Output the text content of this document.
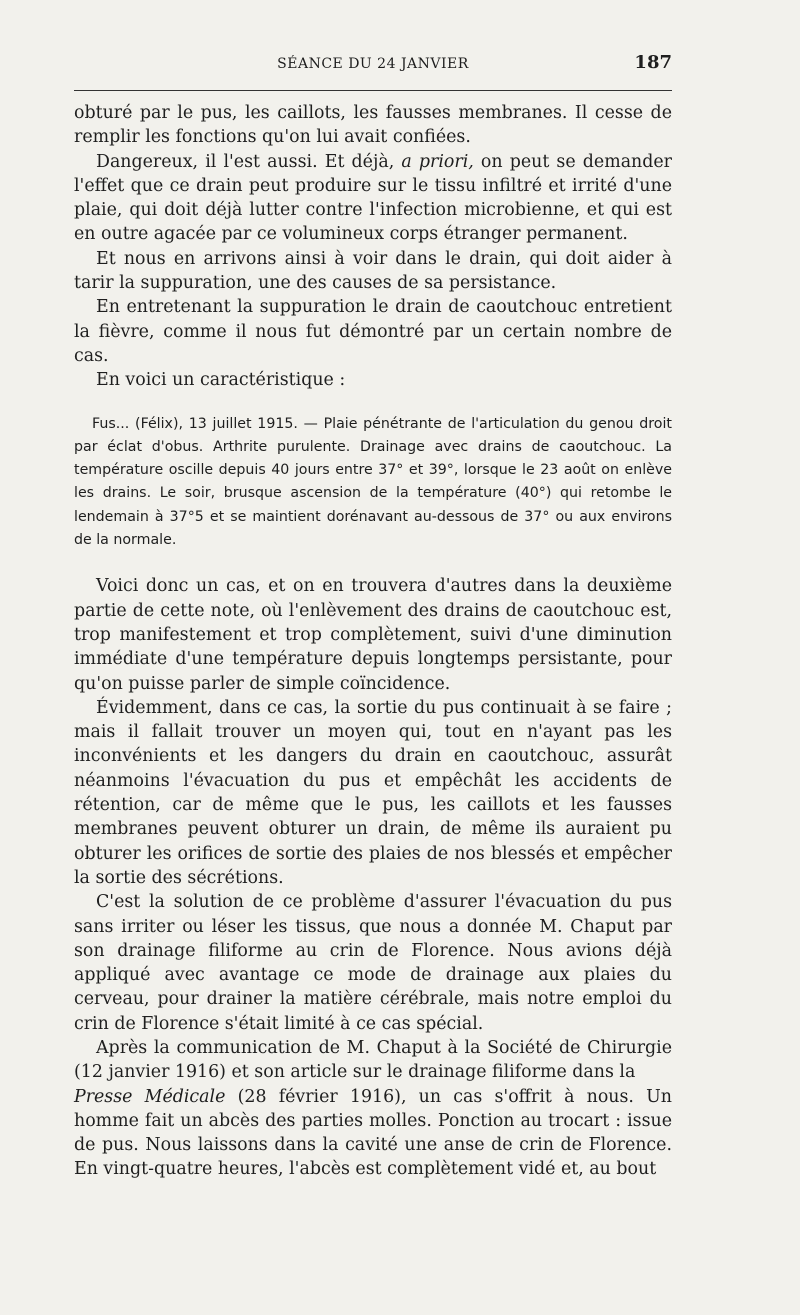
SÉANCE DU 24 JANVIER	187

obturé par le pus, les caillots, les fausses membranes. Il cesse de remplir les fonctions qu'on lui avait confiées.

Dangereux, il l'est aussi. Et déjà, a priori, on peut se demander l'effet que ce drain peut produire sur le tissu infiltré et irrité d'une plaie, qui doit déjà lutter contre l'infection microbienne, et qui est en outre agacée par ce volumineux corps étranger permanent.

Et nous en arrivons ainsi à voir dans le drain, qui doit aider à tarir la suppuration, une des causes de sa persistance.

En entretenant la suppuration le drain de caoutchouc entretient la fièvre, comme il nous fut démontré par un certain nombre de cas.

En voici un caractéristique :

Fus... (Félix), 13 juillet 1915. — Plaie pénétrante de l'articulation du genou droit par éclat d'obus. Arthrite purulente. Drainage avec drains de caoutchouc. La température oscille depuis 40 jours entre 37° et 39°, lorsque le 23 août on enlève les drains. Le soir, brusque ascension de la température (40°) qui retombe le lendemain à 37°5 et se maintient dorénavant au-dessous de 37° ou aux environs de la normale.

Voici donc un cas, et on en trouvera d'autres dans la deuxième partie de cette note, où l'enlèvement des drains de caoutchouc est, trop manifestement et trop complètement, suivi d'une diminution immédiate d'une température depuis longtemps persistante, pour qu'on puisse parler de simple coïncidence.

Évidemment, dans ce cas, la sortie du pus continuait à se faire ; mais il fallait trouver un moyen qui, tout en n'ayant pas les inconvénients et les dangers du drain en caoutchouc, assurât néanmoins l'évacuation du pus et empêchât les accidents de rétention, car de même que le pus, les caillots et les fausses membranes peuvent obturer un drain, de même ils auraient pu obturer les orifices de sortie des plaies de nos blessés et empêcher la sortie des sécrétions.

C'est la solution de ce problème d'assurer l'évacuation du pus sans irriter ou léser les tissus, que nous a donnée M. Chaput par son drainage filiforme au crin de Florence. Nous avions déjà appliqué avec avantage ce mode de drainage aux plaies du cerveau, pour drainer la matière cérébrale, mais notre emploi du crin de Florence s'était limité à ce cas spécial.

Après la communication de M. Chaput à la Société de Chirurgie (12 janvier 1916) et son article sur le drainage filiforme dans la
Presse Médicale (28 février 1916), un cas s'offrit à nous. Un homme fait un abcès des parties molles. Ponction au trocart : issue de pus. Nous laissons dans la cavité une anse de crin de Florence. En vingt-quatre heures, l'abcès est complètement vidé et, au bout
